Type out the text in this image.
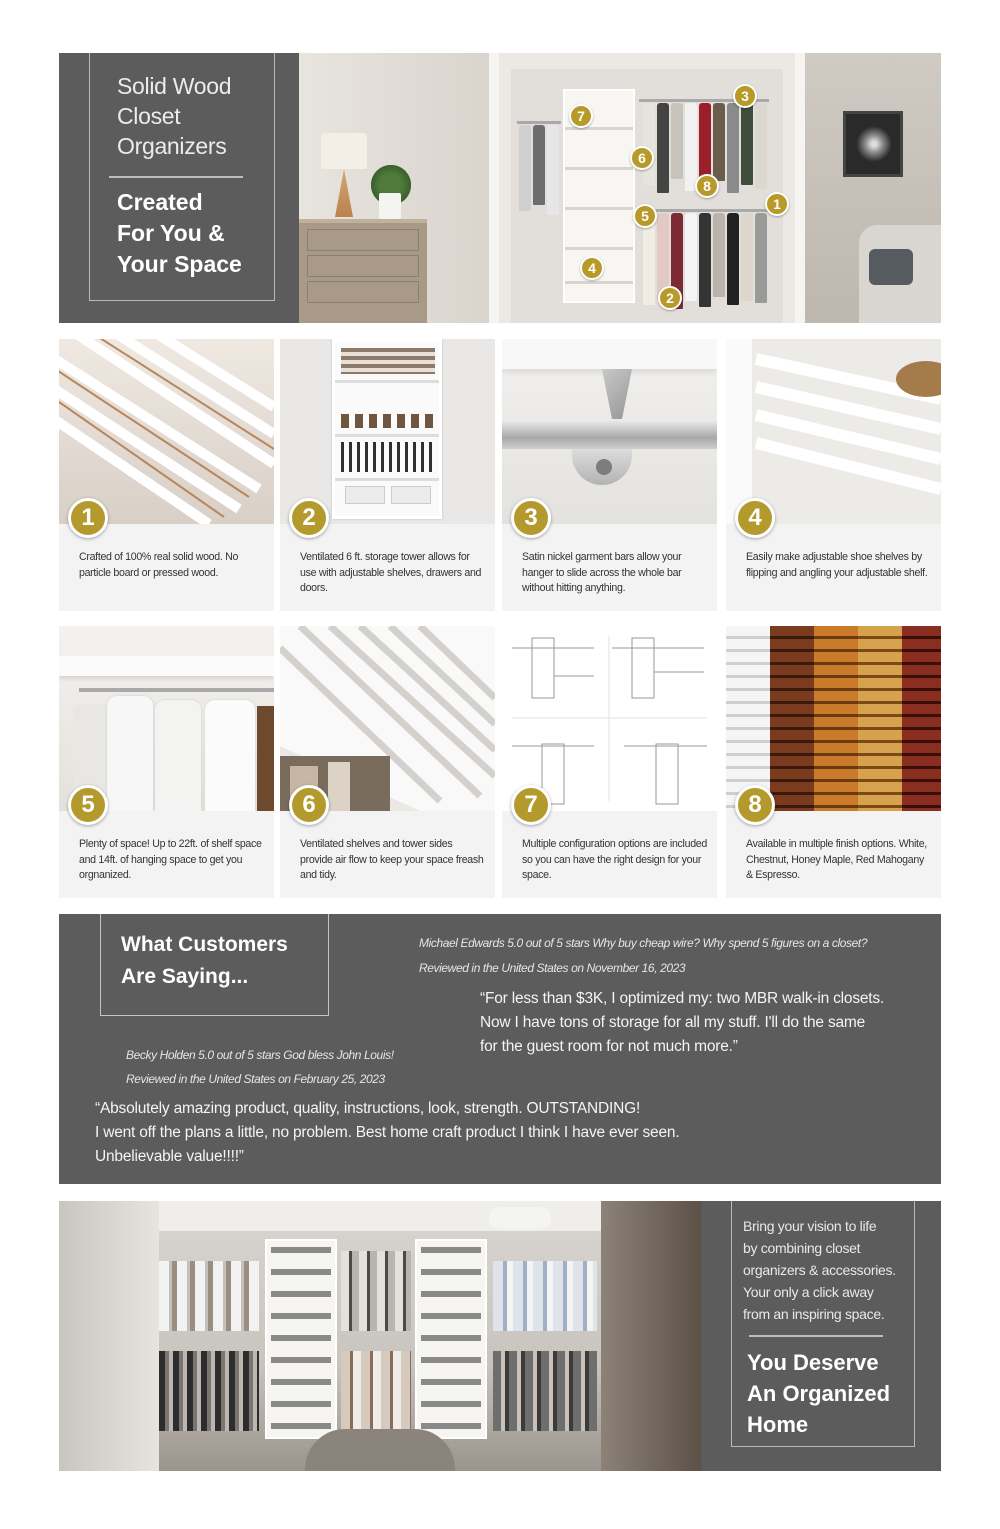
Solid Wood
Closet
Organizers
Created
For You &
Your Space
7
3
6
8
1
5
4
2
1
Crafted of 100% real solid wood. No particle board or pressed wood.
2
Ventilated 6 ft. storage tower allows for use with adjustable shelves, drawers and doors.
3
Satin nickel garment bars allow your hanger to slide across the whole bar without hitting anything.
4
Easily make adjustable shoe shelves by flipping and angling your adjustable shelf.
5
Plenty of space! Up to 22ft. of shelf space and 14ft. of hanging space to get you orgnanized.
6
Ventilated shelves and tower sides provide air flow to keep your space freash and tidy.
7
Multiple configuration options are included so you can have the right design for your space.
8
Available in multiple finish options. White, Chestnut, Honey Maple, Red Mahogany & Espresso.
What Customers
Are Saying...
Michael Edwards 5.0 out of 5 stars Why buy cheap wire? Why spend 5 figures on a closet?
Reviewed in the United States on November 16, 2023
“For less than $3K, I optimized my: two MBR walk-in closets.
Now I have tons of storage for all my stuff. I'll do the same
for the guest room for not much more.”
Becky Holden 5.0 out of 5 stars God bless John Louis!
Reviewed in the United States on February 25, 2023
“Absolutely amazing product, quality, instructions, look, strength. OUTSTANDING!
I went off the plans a little, no problem. Best home craft product I think I have ever seen.
Unbelievable value!!!!”
Bring your vision to life
by combining closet
organizers & accessories.
Your only a click away
from an inspiring space.
You Deserve
An Organized
Home
